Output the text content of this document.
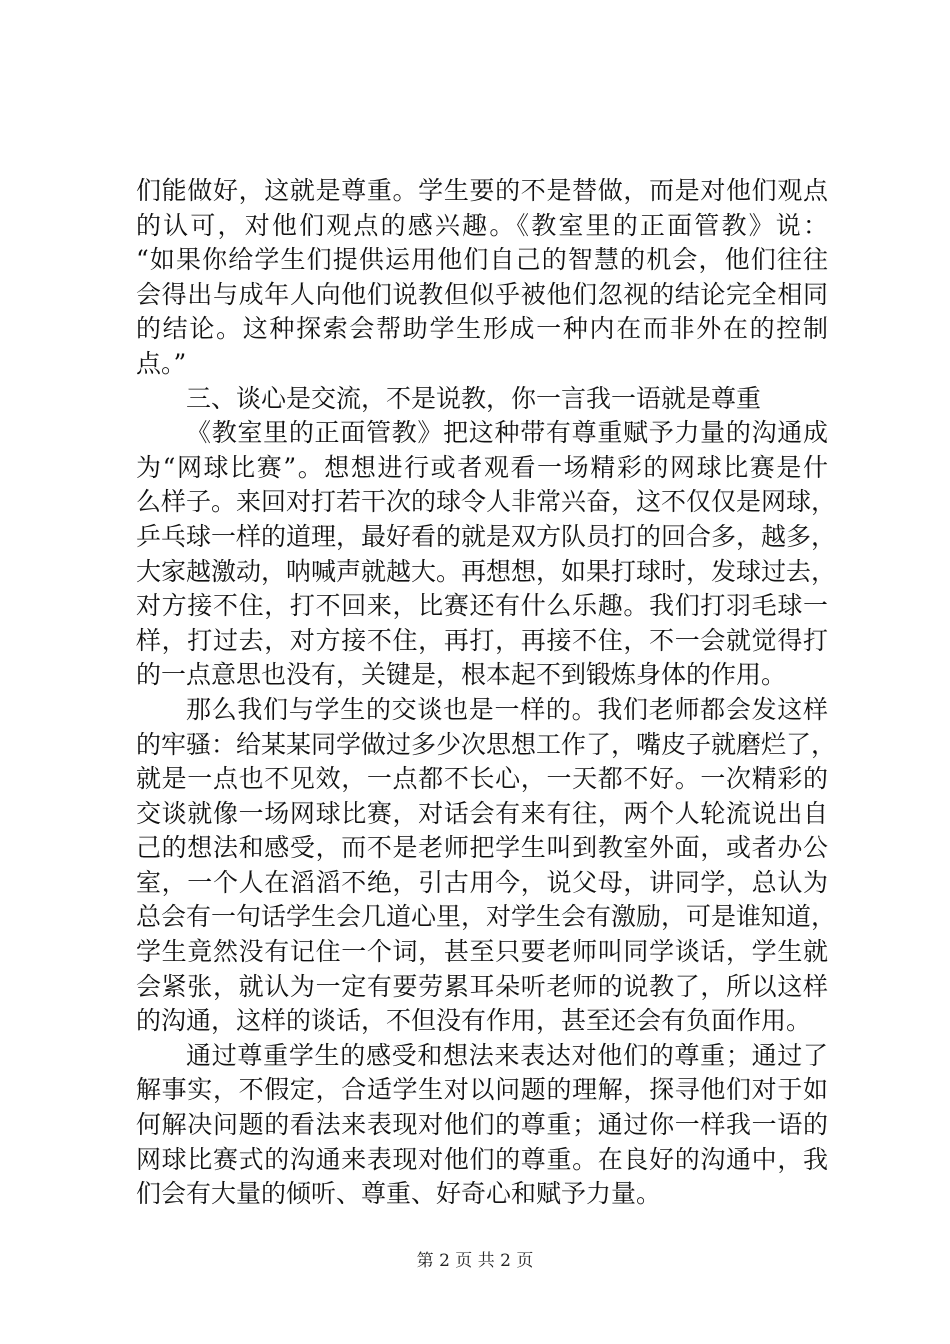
们能做好，这就是尊重。学生要的不是替做，而是对他们观点
的认可，对他们观点的感兴趣。《教室里的正面管教》说：
“如果你给学生们提供运用他们自己的智慧的机会，他们往往
会得出与成年人向他们说教但似乎被他们忽视的结论完全相同
的结论。这种探索会帮助学生形成一种内在而非外在的控制
点。”
三、谈心是交流，不是说教，你一言我一语就是尊重
《教室里的正面管教》把这种带有尊重赋予力量的沟通成
为“网球比赛”。想想进行或者观看一场精彩的网球比赛是什
么样子。来回对打若干次的球令人非常兴奋，这不仅仅是网球，
乒乓球一样的道理，最好看的就是双方队员打的回合多，越多，
大家越激动，呐喊声就越大。再想想，如果打球时，发球过去，
对方接不住，打不回来，比赛还有什么乐趣。我们打羽毛球一
样，打过去，对方接不住，再打，再接不住，不一会就觉得打
的一点意思也没有，关键是，根本起不到锻炼身体的作用。
那么我们与学生的交谈也是一样的。我们老师都会发这样
的牢骚：给某某同学做过多少次思想工作了，嘴皮子就磨烂了，
就是一点也不见效，一点都不长心，一天都不好。一次精彩的
交谈就像一场网球比赛，对话会有来有往，两个人轮流说出自
己的想法和感受，而不是老师把学生叫到教室外面，或者办公
室，一个人在滔滔不绝，引古用今，说父母，讲同学，总认为
总会有一句话学生会几道心里，对学生会有激励，可是谁知道，
学生竟然没有记住一个词，甚至只要老师叫同学谈话，学生就
会紧张，就认为一定有要劳累耳朵听老师的说教了，所以这样
的沟通，这样的谈话，不但没有作用，甚至还会有负面作用。
通过尊重学生的感受和想法来表达对他们的尊重；通过了
解事实，不假定，合适学生对以问题的理解，探寻他们对于如
何解决问题的看法来表现对他们的尊重；通过你一样我一语的
网球比赛式的沟通来表现对他们的尊重。在良好的沟通中，我
们会有大量的倾听、尊重、好奇心和赋予力量。
第 2 页 共 2 页
